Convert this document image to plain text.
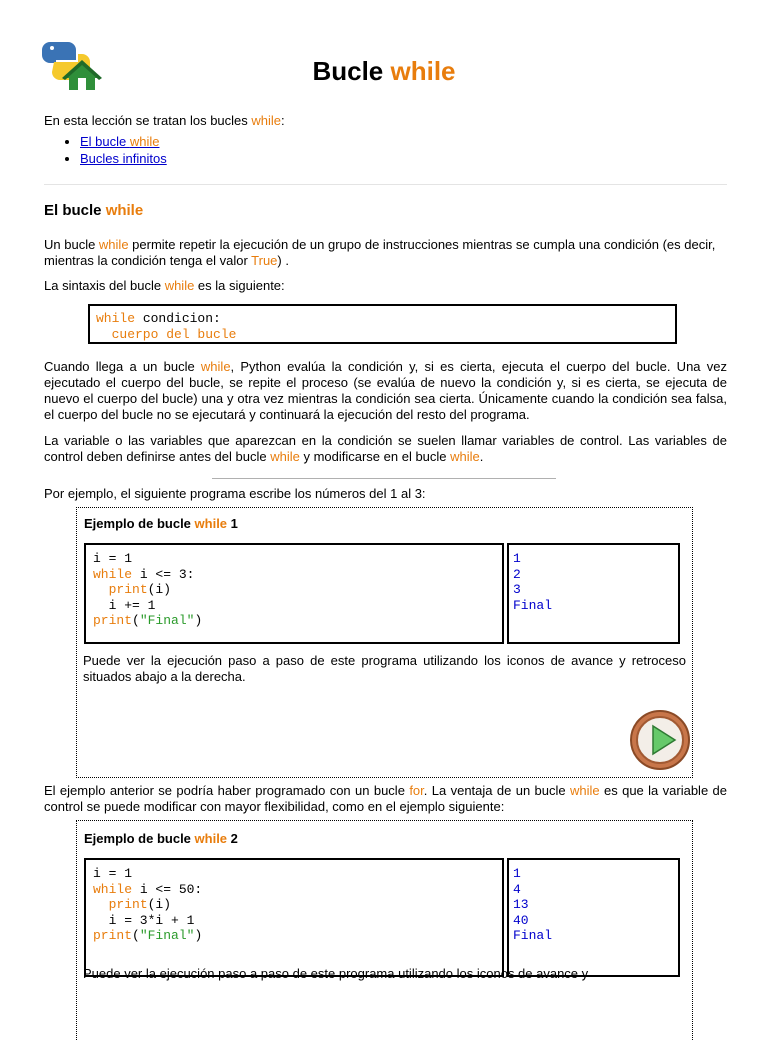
Bucle while

En esta lección se tratan los bucles while:

• El bucle while
• Bucles infinitos
El bucle while

Un bucle while permite repetir la ejecución de un grupo de instrucciones mientras se cumpla una condición (es decir, mientras la condición tenga el valor True) .

La sintaxis del bucle while es la siguiente:

while condicion:
cuerpo del bucle

Cuando llega a un bucle while, Python evalúa la condición y, si es cierta, ejecuta el cuerpo del bucle. Una vez ejecutado el cuerpo del bucle, se repite el proceso (se evalúa de nuevo la condición y, si es cierta, se ejecuta de nuevo el cuerpo del bucle) una y otra vez mientras la condición sea cierta. Únicamente cuando la condición sea falsa, el cuerpo del bucle no se ejecutará y continuará la ejecución del resto del programa.

La variable o las variables que aparezcan en la condición se suelen llamar variables de control. Las variables de control deben definirse antes del bucle while y modificarse en el bucle while.

Por ejemplo, el siguiente programa escribe los números del 1 al 3:

Ejemplo de bucle while 1

i = 1
while i <= 3:
print(i)
i += 1
print("Final")
1
2
3
Final

Puede ver la ejecución paso a paso de este programa utilizando los iconos de avance y retroceso situados abajo a la derecha.

El ejemplo anterior se podría haber programado con un bucle for. La ventaja de un bucle while es que la variable de control se puede modificar con mayor flexibilidad, como en el ejemplo siguiente:

Ejemplo de bucle while 2

i = 1
while i <= 50:
print(i)
i = 3*i + 1
print("Final")
1
4
13
40
Final

Puede ver la ejecución paso a paso de este programa utilizando los iconos de avance y
